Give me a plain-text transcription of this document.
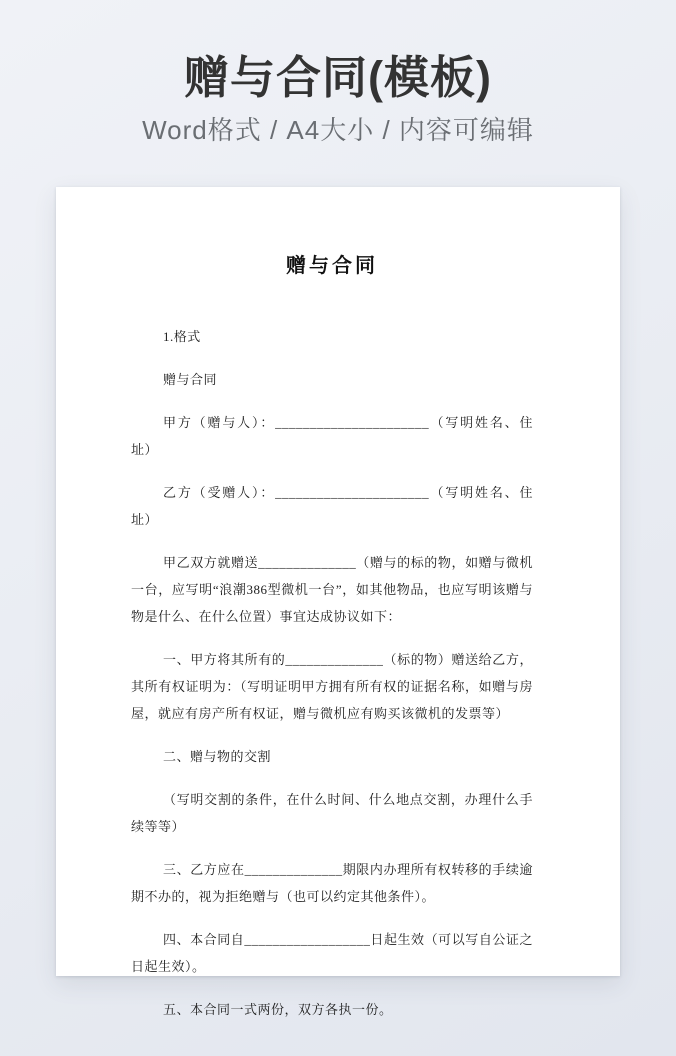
赠与合同(模板)

Word格式 / A4大小 / 内容可编辑

赠与合同

1.格式

赠与合同

甲方（赠与人）：______________________（写明姓名、住址）

乙方（受赠人）：______________________（写明姓名、住址）

甲乙双方就赠送______________（赠与的标的物，如赠与微机一台，应写明“浪潮386型微机一台”，如其他物品，也应写明该赠与物是什么、在什么位置）事宜达成协议如下：

一、甲方将其所有的______________（标的物）赠送给乙方，其所有权证明为：（写明证明甲方拥有所有权的证据名称，如赠与房屋，就应有房产所有权证，赠与微机应有购买该微机的发票等）

二、赠与物的交割

（写明交割的条件，在什么时间、什么地点交割，办理什么手续等等）

三、乙方应在______________期限内办理所有权转移的手续逾期不办的，视为拒绝赠与（也可以约定其他条件）。

四、本合同自__________________日起生效（可以写自公证之日起生效）。

五、本合同一式两份，双方各执一份。
